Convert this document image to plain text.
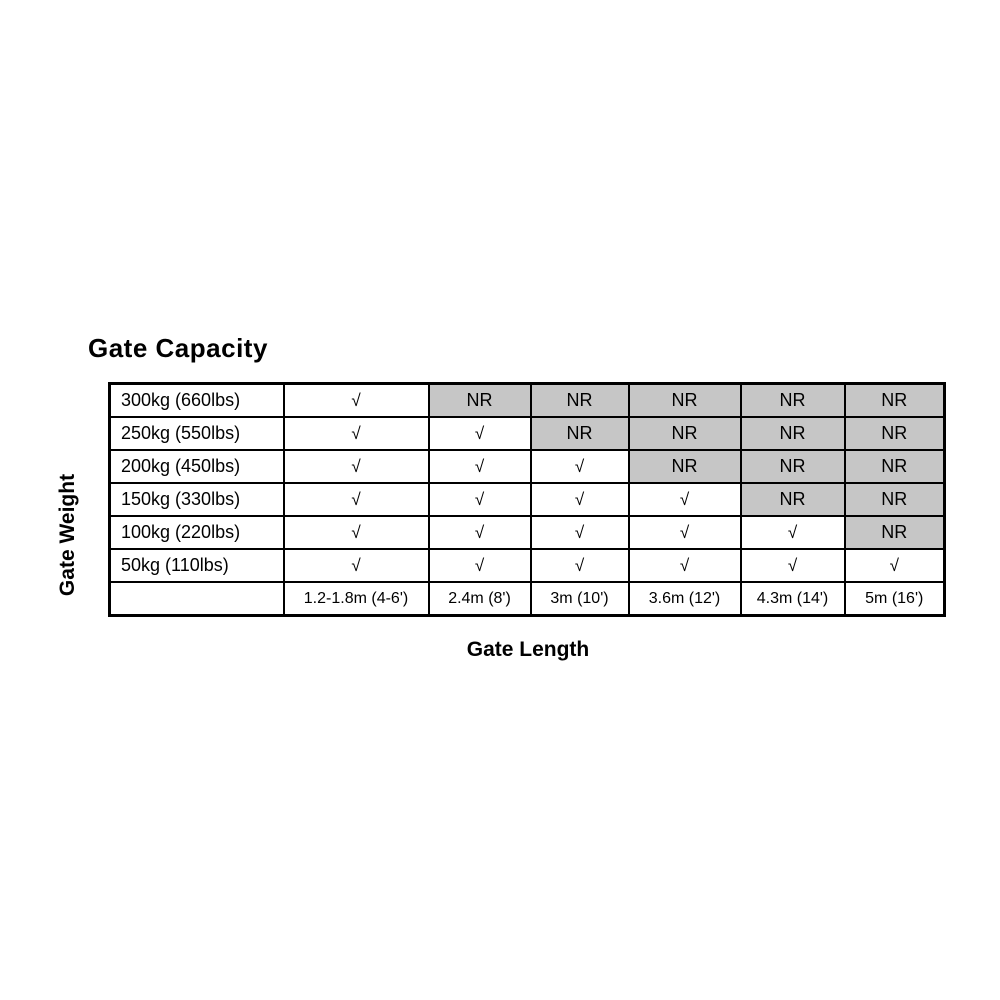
Gate Capacity
Gate Weight
300kg (660lbs)	√	NR	NR	NR	NR	NR
250kg (550lbs)	√	√	NR	NR	NR	NR
200kg (450lbs)	√	√	√	NR	NR	NR
150kg (330lbs)	√	√	√	√	NR	NR
100kg (220lbs)	√	√	√	√	√	NR
50kg (110lbs)	√	√	√	√	√	√
	1.2-1.8m (4-6')	2.4m (8')	3m (10')	3.6m (12')	4.3m (14')	5m (16')
Gate Length
